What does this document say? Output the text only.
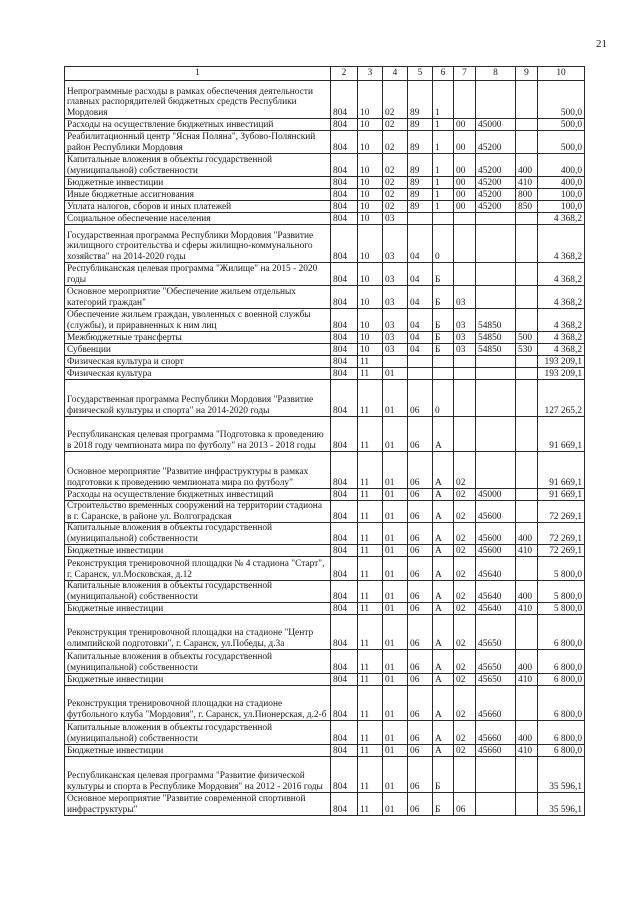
21
1	2	3	4	5	6	7	8	9	10
Непрограммные расходы в рамках обеспечения деятельности главных распорядителей бюджетных средств Республики Мордовия	804	10	02	89	1				500,0
Расходы на осуществление бюджетных инвестиций	804	10	02	89	1	00	45000		500,0
Реабилитационный центр "Ясная Поляна", Зубово-Полянский район Республики Мордовия	804	10	02	89	1	00	45200		500,0
Капитальные вложения в объекты государственной (муниципальной) собственности	804	10	02	89	1	00	45200	400	400,0
Бюджетные инвестиции	804	10	02	89	1	00	45200	410	400,0
Иные бюджетные ассигнования	804	10	02	89	1	00	45200	800	100,0
Уплата налогов, сборов и иных платежей	804	10	02	89	1	00	45200	850	100,0
Социальное обеспечение населения	804	10	03						4 368,2
Государственная программа Республики Мордовия "Развитие жилищного строительства и сферы жилищно-коммунального хозяйства" на 2014-2020 годы	804	10	03	04	0				4 368,2
Республиканская целевая программа "Жилище" на 2015 - 2020 годы	804	10	03	04	Б				4 368,2
Основное мероприятие "Обеспечение жильем отдельных категорий граждан"	804	10	03	04	Б	03			4 368,2
Обеспечение жильем граждан, уволенных с военной службы (службы), и приравненных к ним лиц	804	10	03	04	Б	03	54850		4 368,2
Межбюджетные трансферты	804	10	03	04	Б	03	54850	500	4 368,2
Субвенции	804	10	03	04	Б	03	54850	530	4 368,2
Физическая культура и спорт	804	11							193 209,1
Физическая культура	804	11	01						193 209,1
Государственная программа Республики Мордовия "Развитие физической культуры и спорта" на 2014-2020 годы	804	11	01	06	0				127 265,2
Республиканская целевая программа "Подготовка к проведению в 2018 году чемпионата мира по футболу" на 2013 - 2018 годы	804	11	01	06	А				91 669,1
Основное мероприятие "Развитие инфраструктуры в рамках подготовки к проведению чемпионата мира по футболу"	804	11	01	06	А	02			91 669,1
Расходы на осуществление бюджетных инвестиций	804	11	01	06	А	02	45000		91 669,1
Строительство временных сооружений на территории стадиона в г. Саранске, в районе ул. Волгоградская	804	11	01	06	А	02	45600		72 269,1
Капитальные вложения в объекты государственной (муниципальной) собственности	804	11	01	06	А	02	45600	400	72 269,1
Бюджетные инвестиции	804	11	01	06	А	02	45600	410	72 269,1
Реконструкция тренировочной площадки № 4 стадиона "Старт", г. Саранск, ул.Московская, д.12	804	11	01	06	А	02	45640		5 800,0
Капитальные вложения в объекты государственной (муниципальной) собственности	804	11	01	06	А	02	45640	400	5 800,0
Бюджетные инвестиции	804	11	01	06	А	02	45640	410	5 800,0
Реконструкция тренировочной площадки на стадионе "Центр олимпийской подготовки", г. Саранск, ул.Победы, д.3а	804	11	01	06	А	02	45650		6 800,0
Капитальные вложения в объекты государственной (муниципальной) собственности	804	11	01	06	А	02	45650	400	6 800,0
Бюджетные инвестиции	804	11	01	06	А	02	45650	410	6 800,0
Реконструкция тренировочной площадки на стадионе футбольного клуба "Мордовия", г. Саранск, ул.Пионерская, д.2-б	804	11	01	06	А	02	45660		6 800,0
Капитальные вложения в объекты государственной (муниципальной) собственности	804	11	01	06	А	02	45660	400	6 800,0
Бюджетные инвестиции	804	11	01	06	А	02	45660	410	6 800,0
Республиканская целевая программа "Развитие физической культуры и спорта в Республике Мордовия" на 2012 - 2016 годы	804	11	01	06	Б				35 596,1
Основное мероприятие "Развитие современной спортивной инфраструктуры"	804	11	01	06	Б	06			35 596,1
